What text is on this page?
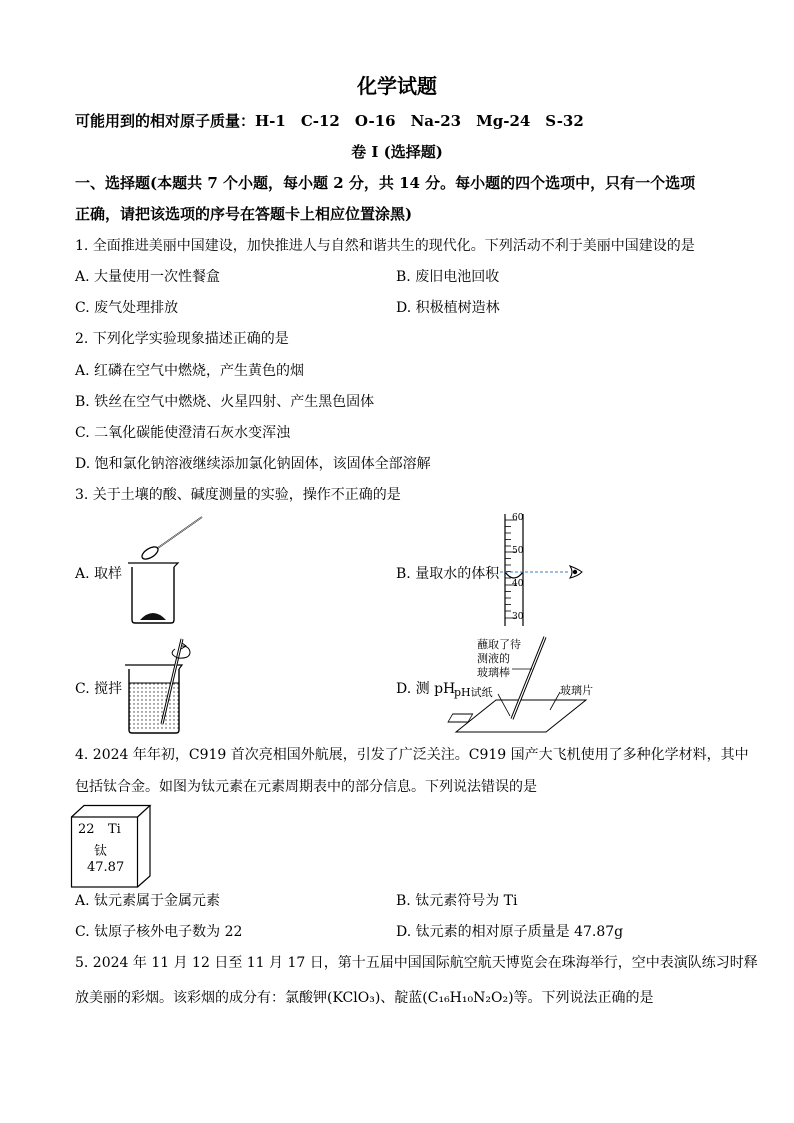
化学试题
可能用到的相对原子质量：H-1　C-12　O-16　Na-23　Mg-24　S-32
卷 I (选择题)
一、选择题(本题共 7 个小题，每小题 2 分，共 14 分。每小题的四个选项中，只有一个选项
正确，请把该选项的序号在答题卡上相应位置涂黑)
1. 全面推进美丽中国建设，加快推进人与自然和谐共生的现代化。下列活动不利于美丽中国建设的是
A. 大量使用一次性餐盒	B. 废旧电池回收
C. 废气处理排放	D. 积极植树造林
2. 下列化学实验现象描述正确的是
A. 红磷在空气中燃烧，产生黄色的烟
B. 铁丝在空气中燃烧、火星四射、产生黑色固体
C. 二氧化碳能使澄清石灰水变浑浊
D. 饱和氯化钠溶液继续添加氯化钠固体，该固体全部溶解
3. 关于土壤的酸、碱度测量的实验，操作不正确的是
A. 取样	B. 量取水的体积
60
50
40
30
C. 搅拌	D. 测 pH
蘸取了待
测液的
玻璃棒
pH试纸	玻璃片
4. 2024 年年初，C919 首次亮相国外航展，引发了广泛关注。C919 国产大飞机使用了多种化学材料，其中
包括钛合金。如图为钛元素在元素周期表中的部分信息。下列说法错误的是
22 Ti
钛
47.87
A. 钛元素属于金属元素	B. 钛元素符号为 Ti
C. 钛原子核外电子数为 22	D. 钛元素的相对原子质量是 47.87g
5. 2024 年 11 月 12 日至 11 月 17 日，第十五届中国国际航空航天博览会在珠海举行，空中表演队练习时释
放美丽的彩烟。该彩烟的成分有：氯酸钾(KClO₃)、靛蓝(C₁₆H₁₀N₂O₂)等。下列说法正确的是
